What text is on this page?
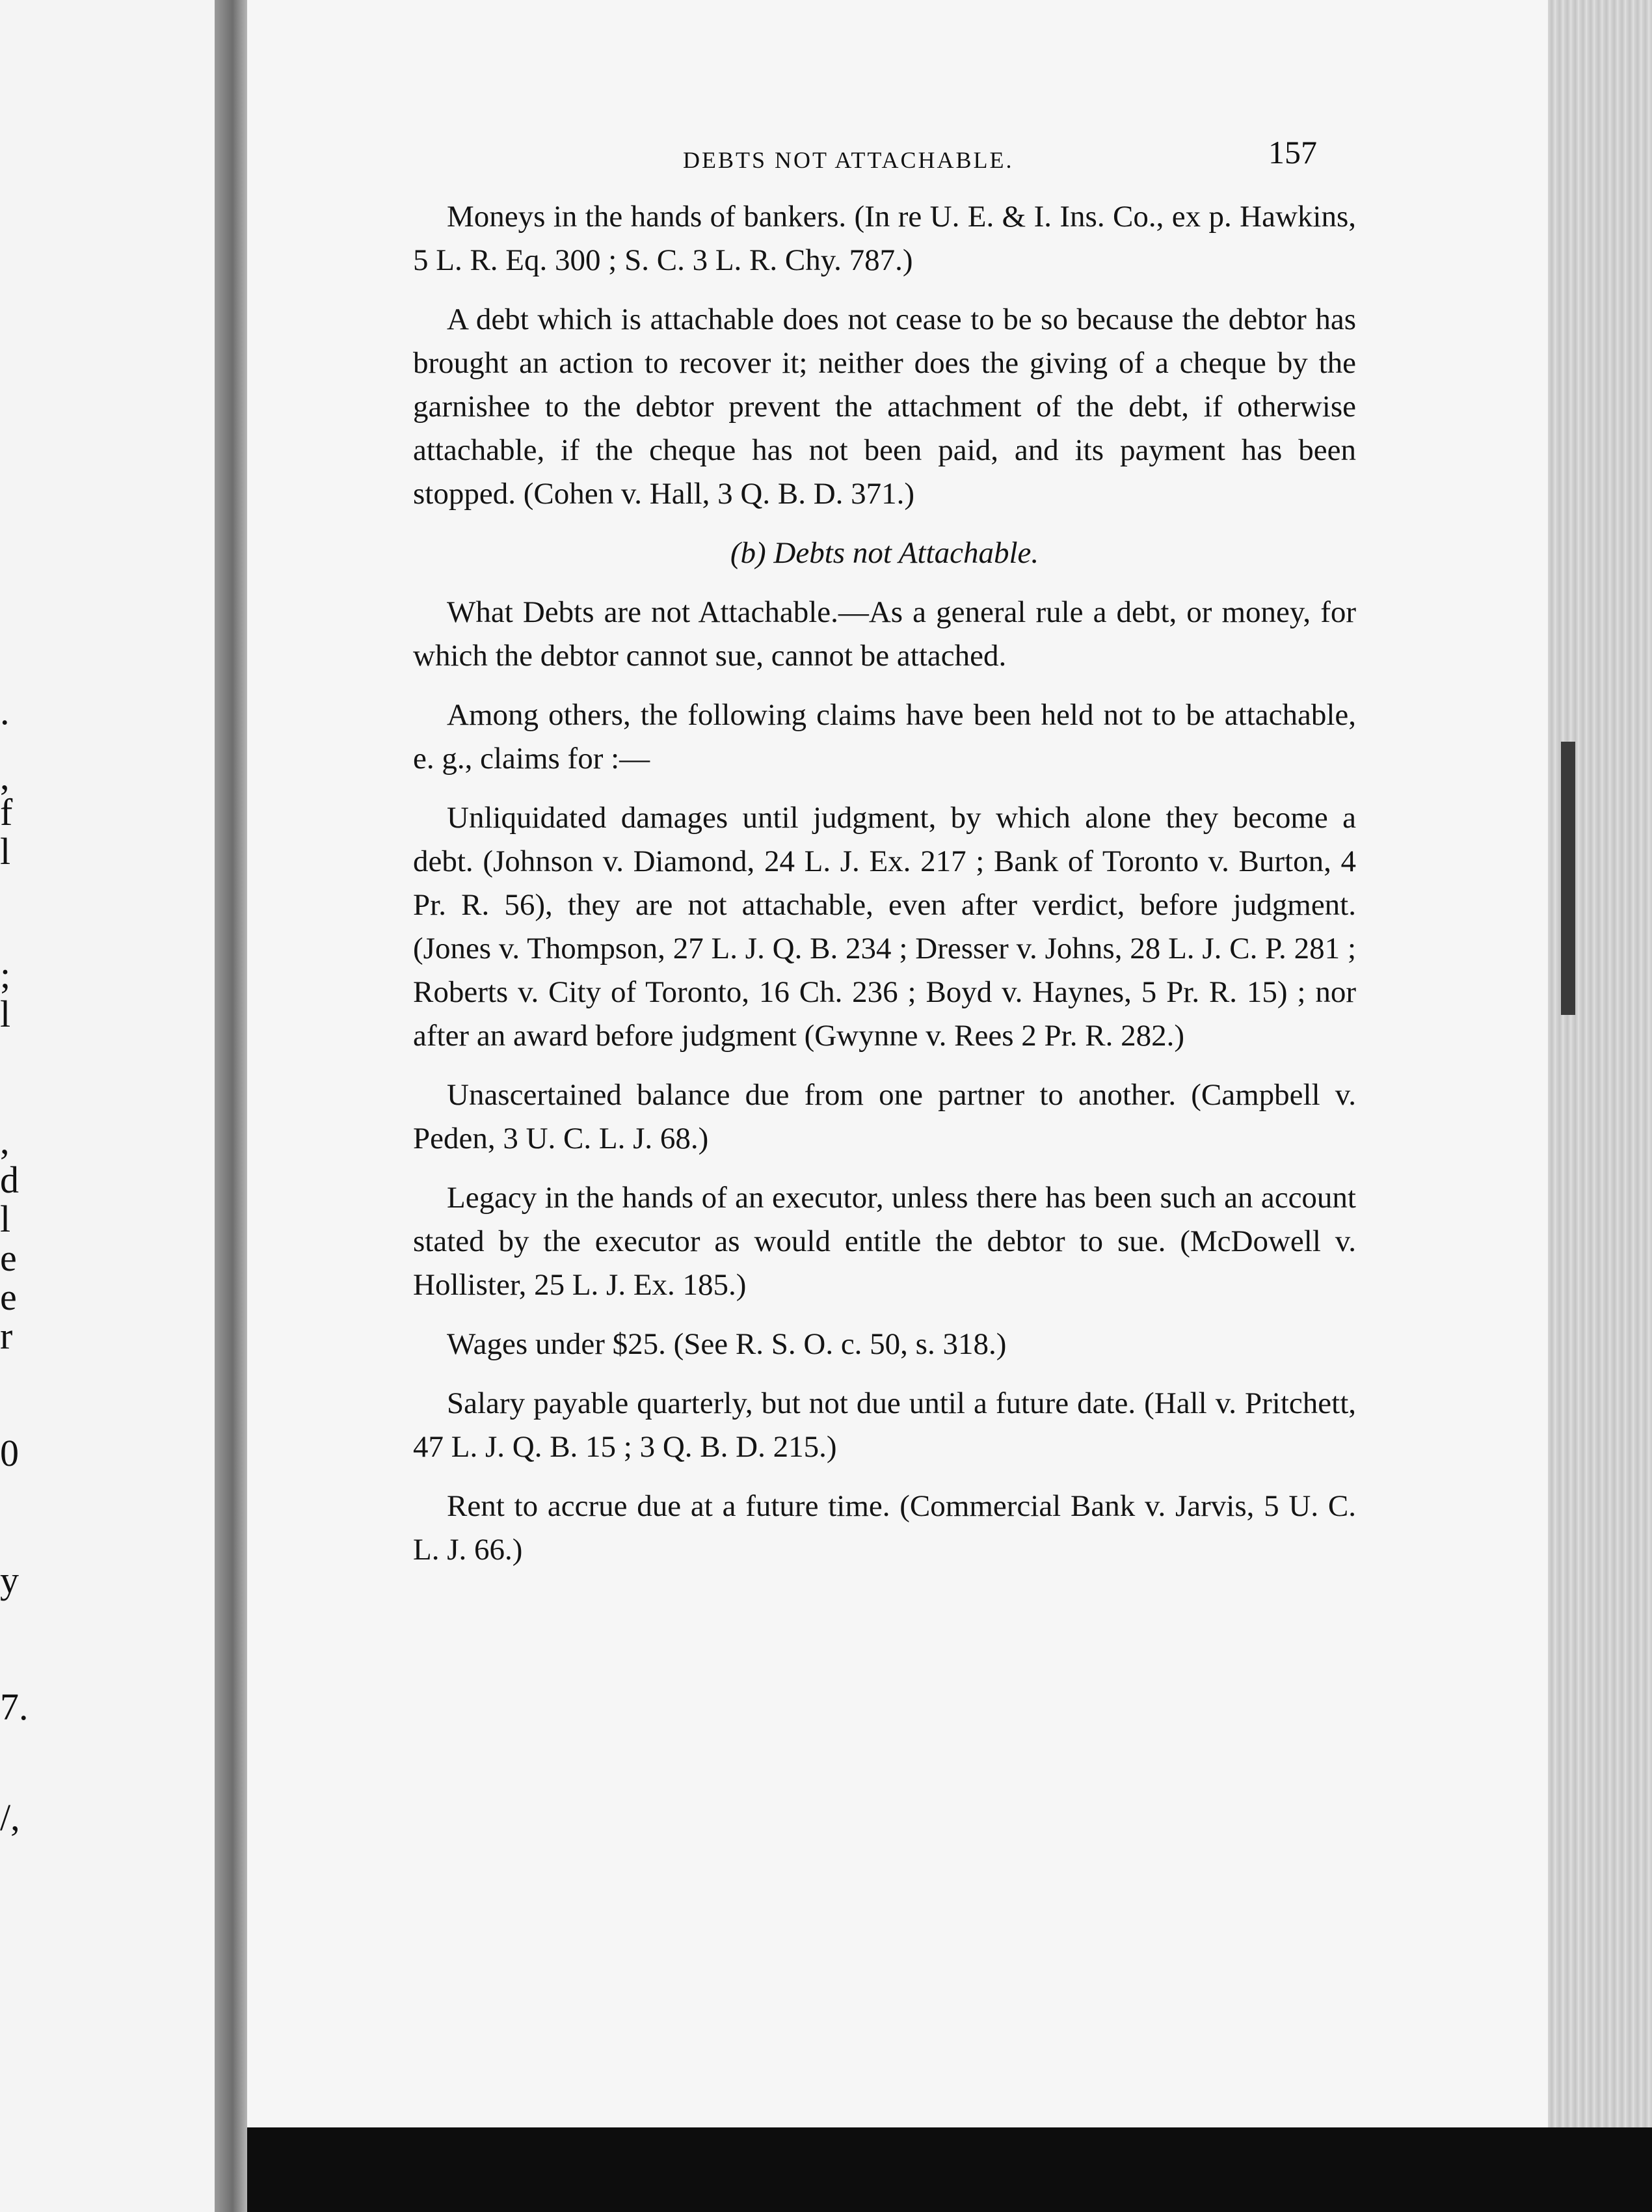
.
,
f
l
;
l
,
d
l
e
e
r
0
y
7.
/,
DEBTS NOT ATTACHABLE.	157

Moneys in the hands of bankers. (In re U. E. & I. Ins. Co., ex p. Hawkins, 5 L. R. Eq. 300 ; S. C. 3 L. R. Chy. 787.)

A debt which is attachable does not cease to be so because the debtor has brought an action to recover it; neither does the giving of a cheque by the garnishee to the debtor prevent the attachment of the debt, if otherwise attachable, if the cheque has not been paid, and its payment has been stopped. (Cohen v. Hall, 3 Q. B. D. 371.)

(b) Debts not Attachable.

What Debts are not Attachable.—As a general rule a debt, or money, for which the debtor cannot sue, cannot be attached.

Among others, the following claims have been held not to be attachable, e. g., claims for :—

Unliquidated damages until judgment, by which alone they become a debt. (Johnson v. Diamond, 24 L. J. Ex. 217 ; Bank of Toronto v. Burton, 4 Pr. R. 56), they are not attachable, even after verdict, before judgment. (Jones v. Thompson, 27 L. J. Q. B. 234 ; Dresser v. Johns, 28 L. J. C. P. 281 ; Roberts v. City of Toronto, 16 Ch. 236 ; Boyd v. Haynes, 5 Pr. R. 15) ; nor after an award before judgment (Gwynne v. Rees 2 Pr. R. 282.)

Unascertained balance due from one partner to another. (Campbell v. Peden, 3 U. C. L. J. 68.)

Legacy in the hands of an executor, unless there has been such an account stated by the executor as would entitle the debtor to sue. (McDowell v. Hollister, 25 L. J. Ex. 185.)

Wages under $25. (See R. S. O. c. 50, s. 318.)

Salary payable quarterly, but not due until a future date. (Hall v. Pritchett, 47 L. J. Q. B. 15 ; 3 Q. B. D. 215.)

Rent to accrue due at a future time. (Commercial Bank v. Jarvis, 5 U. C. L. J. 66.)
